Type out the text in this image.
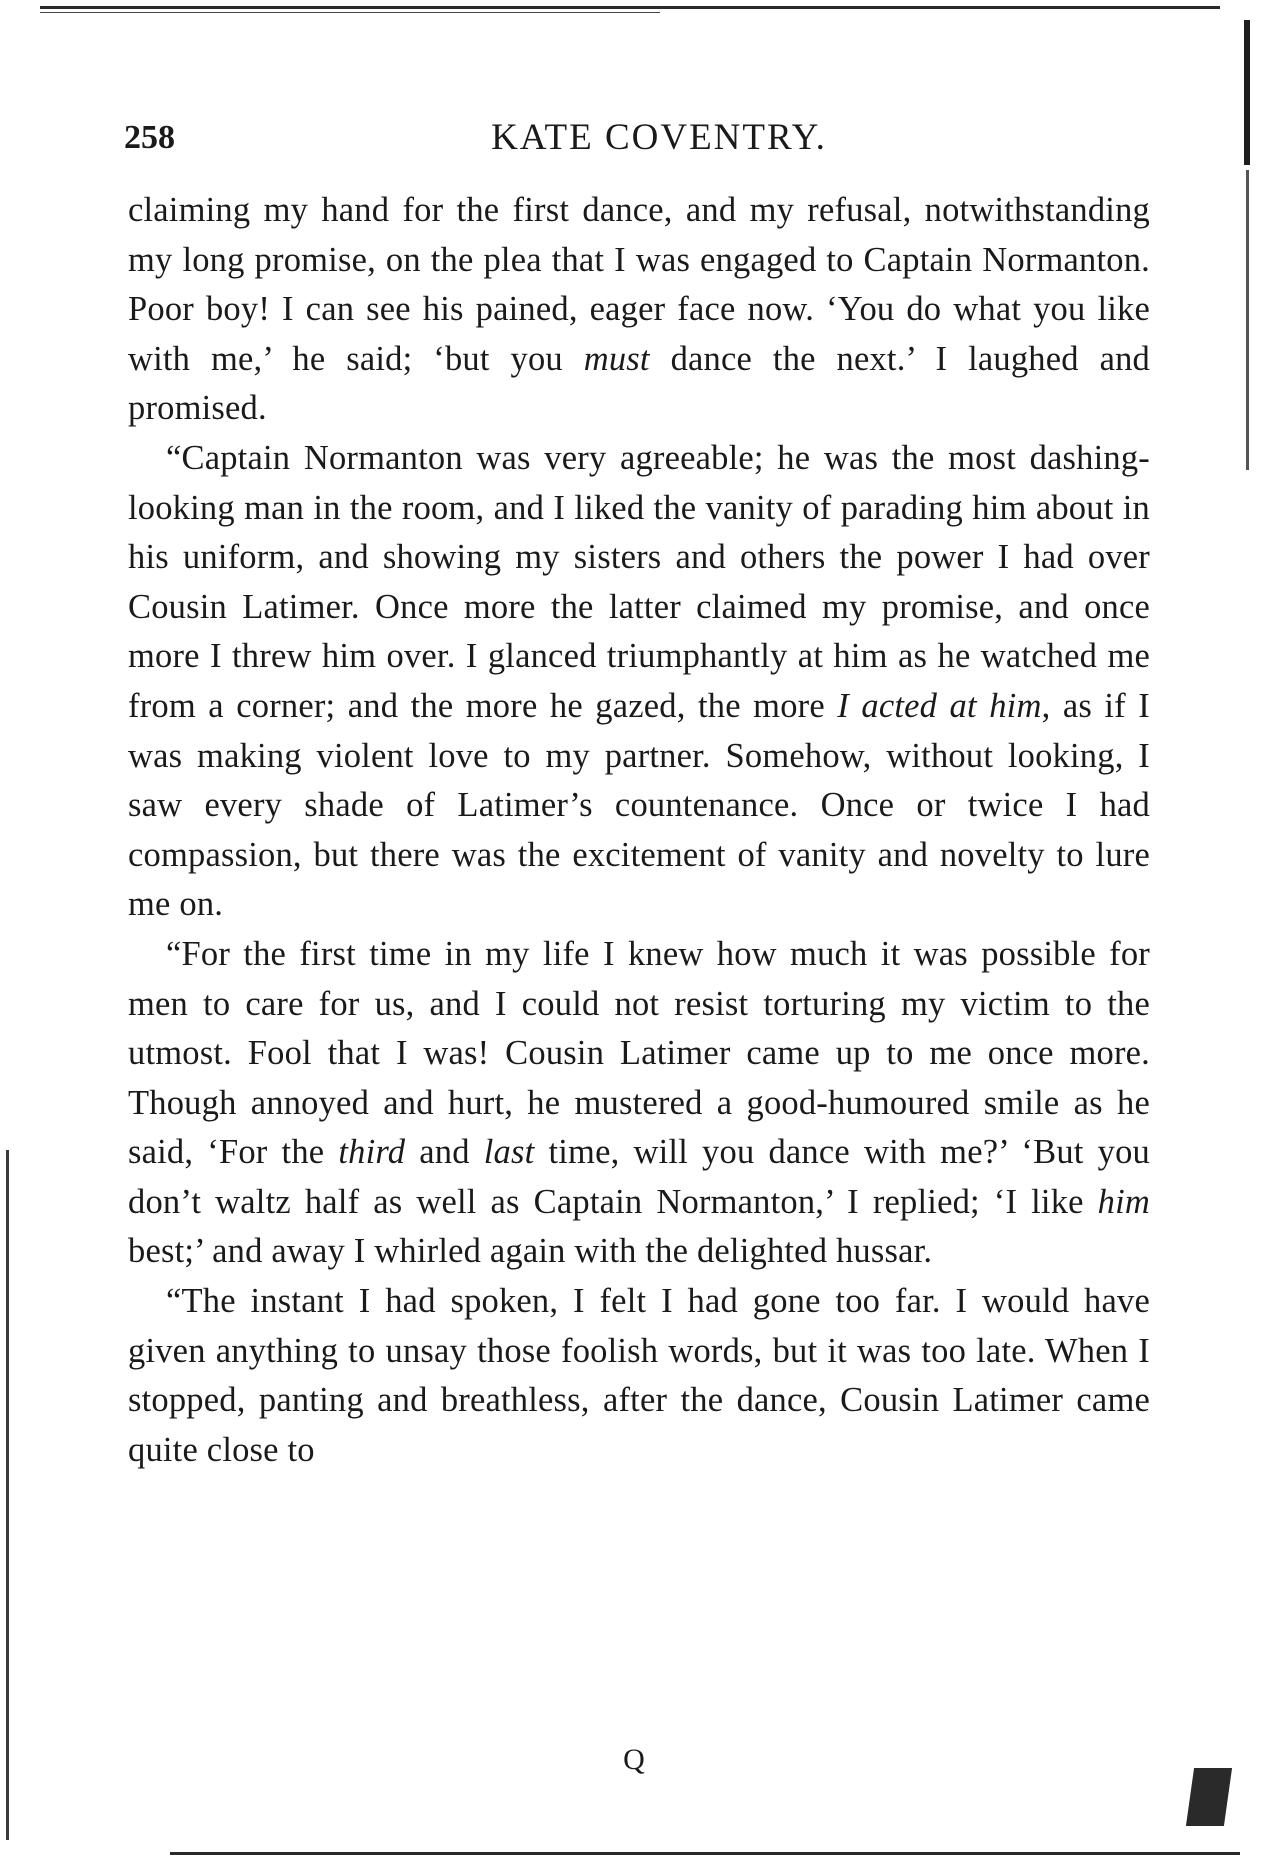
258	KATE COVENTRY.

claiming my hand for the first dance, and my refusal, notwithstanding my long promise, on the plea that I was engaged to Captain Normanton. Poor boy! I can see his pained, eager face now. ‘You do what you like with me,’ he said; ‘but you must dance the next.’ I laughed and promised.

“Captain Normanton was very agreeable; he was the most dashing-looking man in the room, and I liked the vanity of parading him about in his uniform, and showing my sisters and others the power I had over Cousin Latimer. Once more the latter claimed my promise, and once more I threw him over. I glanced triumphantly at him as he watched me from a corner; and the more he gazed, the more I acted at him, as if I was making violent love to my partner. Somehow, without looking, I saw every shade of Latimer’s countenance. Once or twice I had compassion, but there was the excitement of vanity and novelty to lure me on.

“For the first time in my life I knew how much it was possible for men to care for us, and I could not resist torturing my victim to the utmost. Fool that I was! Cousin Latimer came up to me once more. Though annoyed and hurt, he mustered a good-humoured smile as he said, ‘For the third and last time, will you dance with me?’ ‘But you don’t waltz half as well as Captain Normanton,’ I replied; ‘I like him best;’ and away I whirled again with the delighted hussar.

“The instant I had spoken, I felt I had gone too far. I would have given anything to unsay those foolish words, but it was too late. When I stopped, panting and breathless, after the dance, Cousin Latimer came quite close to

Q
